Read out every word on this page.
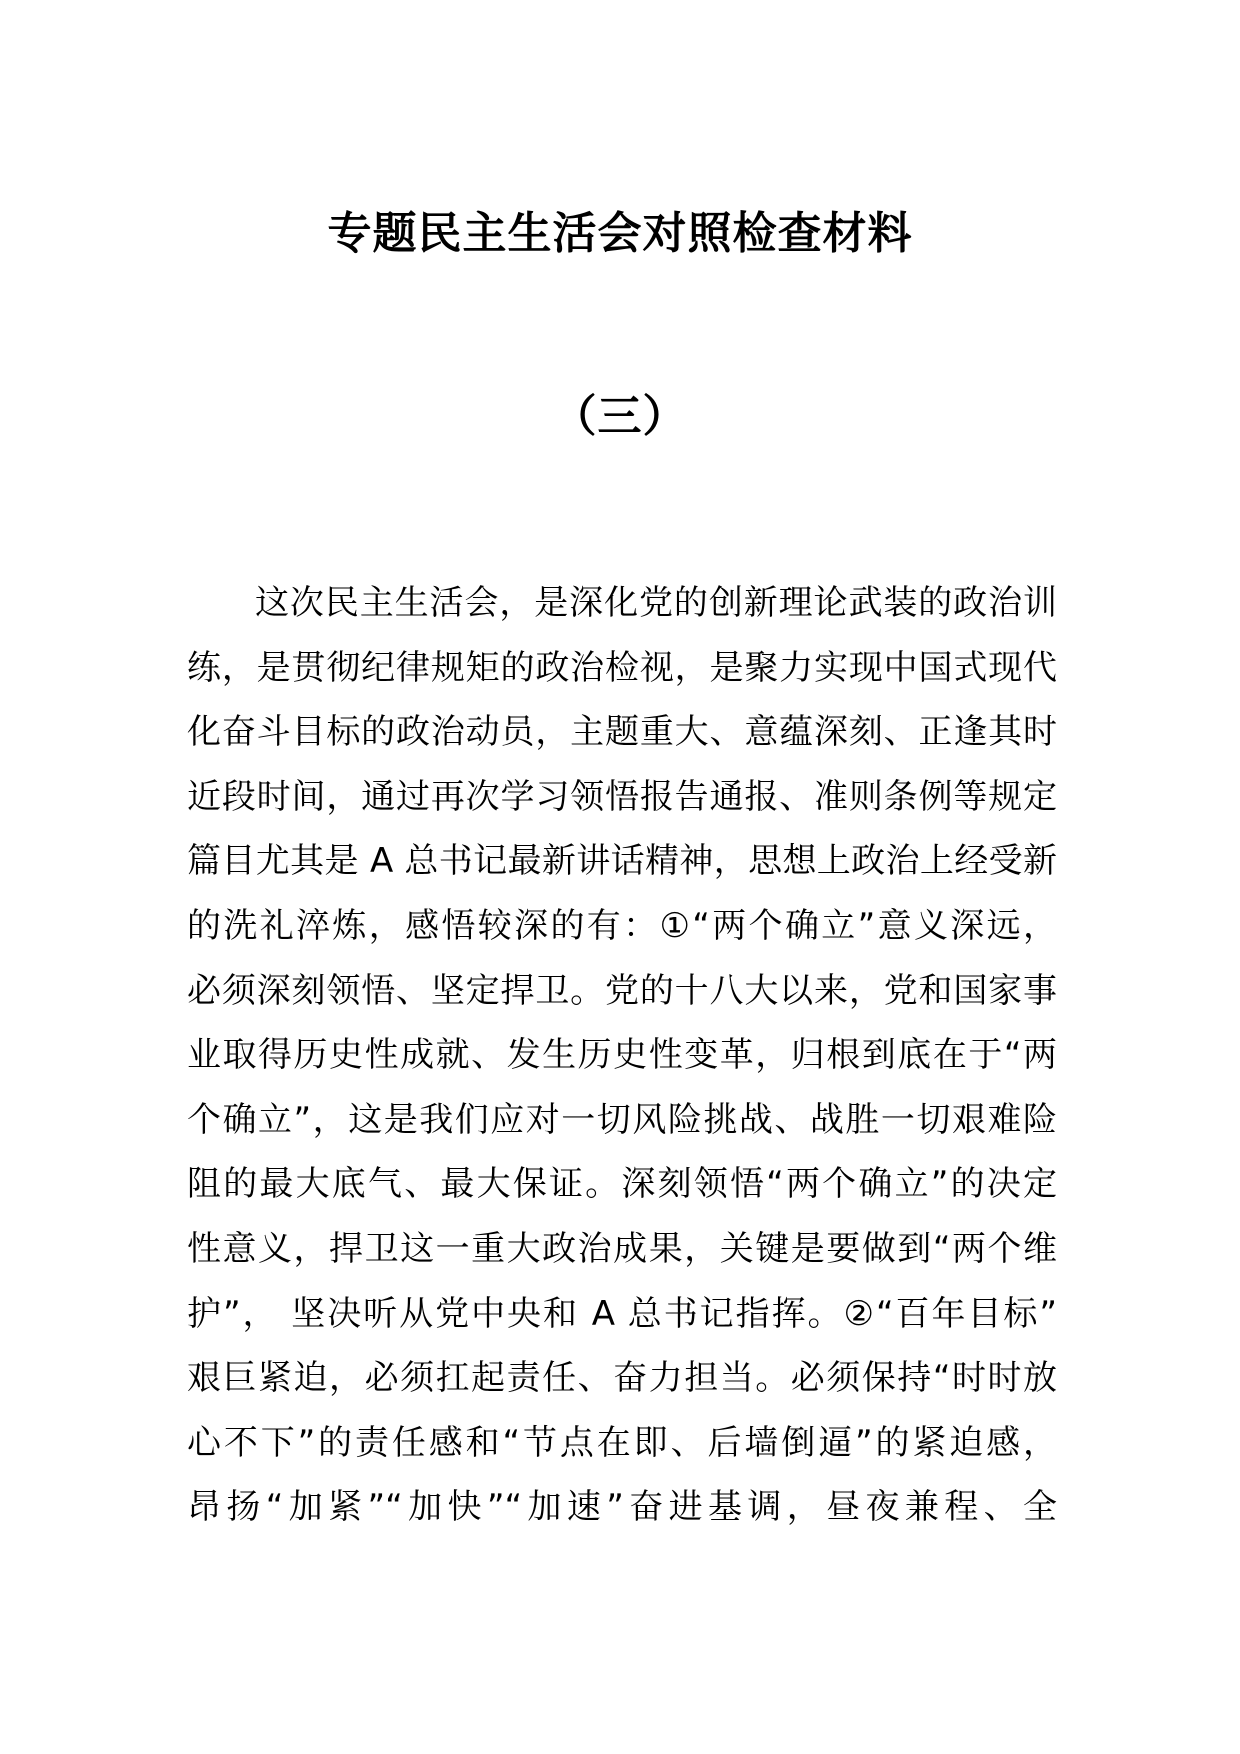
专题民主生活会对照检查材料
（三）
这次民主生活会，是深化党的创新理论武装的政治训
练，是贯彻纪律规矩的政治检视，是聚力实现中国式现代
化奋斗目标的政治动员，主题重大、意蕴深刻、正逢其时
近段时间，通过再次学习领悟报告通报、准则条例等规定
篇目尤其是 A 总书记最新讲话精神，思想上政治上经受新
的洗礼淬炼，感悟较深的有：①“两个确立”意义深远，
必须深刻领悟、坚定捍卫。党的十八大以来，党和国家事
业取得历史性成就、发生历史性变革，归根到底在于“两
个确立”，这是我们应对一切风险挑战、战胜一切艰难险
阻的最大底气、最大保证。深刻领悟“两个确立”的决定
性意义，捍卫这一重大政治成果，关键是要做到“两个维
护”， 坚决听从党中央和 A 总书记指挥。②“百年目标”
艰巨紧迫，必须扛起责任、奋力担当。必须保持“时时放
心不下”的责任感和“节点在即、后墙倒逼”的紧迫感，
昂扬“加紧”“加快”“加速”奋进基调，昼夜兼程、全
